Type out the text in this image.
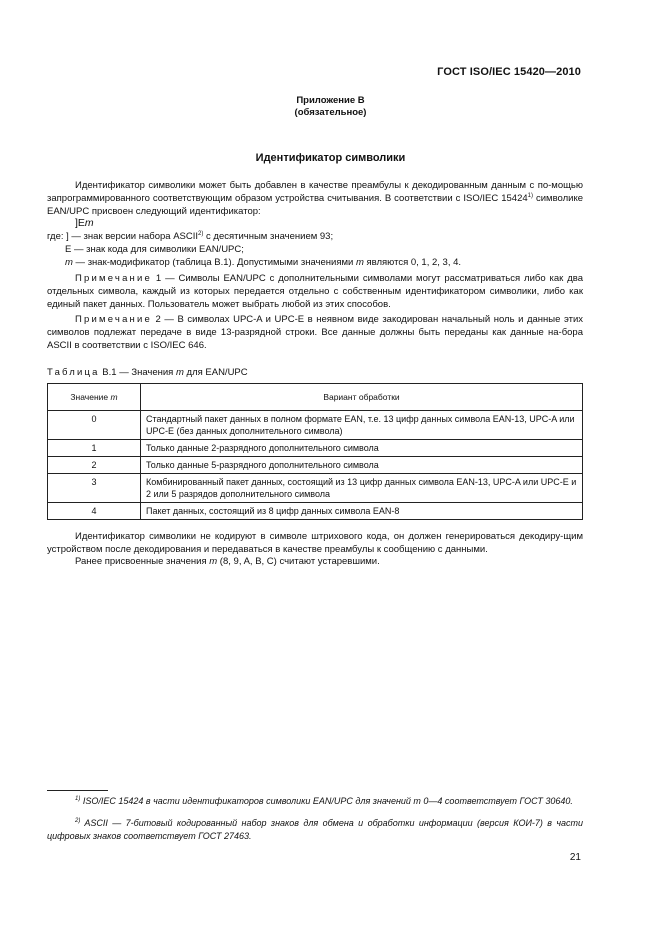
ГОСТ ISO/IEC 15420—2010
Приложение В
(обязательное)
Идентификатор символики
Идентификатор символики может быть добавлен в качестве преамбулы к декодированным данным с по-мощью запрограммированного соответствующим образом устройства считывания. В соответствии с ISO/IEC 15424$^{1)}$ символике EAN/UPC присвоен следующий идентификатор:
]Em
где: ] — знак версии набора ASCII$^{2)}$ с десятичным значением 93;
E — знак кода для символики EAN/UPC;
m — знак-модификатор (таблица В.1). Допустимыми значениями m являются 0, 1, 2, 3, 4.
Примечание 1 — Символы EAN/UPC с дополнительными символами могут рассматриваться либо как два отдельных символа, каждый из которых передается отдельно с собственным идентификатором символики, либо как единый пакет данных. Пользователь может выбрать любой из этих способов.
Примечание 2 — В символах UPC-A и UPC-E в неявном виде закодирован начальный ноль и данные этих символов подлежат передаче в виде 13-разрядной строки. Все данные должны быть переданы как данные на-бора ASCII в соответствии с ISO/IEC 646.
Таблица В.1 — Значения m для EAN/UPC
Значение m	Вариант обработки
0	Стандартный пакет данных в полном формате EAN, т.е. 13 цифр данных символа EAN-13, UPC-A или UPC-E (без данных дополнительного символа)
1	Только данные 2-разрядного дополнительного символа
2	Только данные 5-разрядного дополнительного символа
3	Комбинированный пакет данных, состоящий из 13 цифр данных символа EAN-13, UPC-A или UPC-E и 2 или 5 разрядов дополнительного символа
4	Пакет данных, состоящий из 8 цифр данных символа EAN-8
Идентификатор символики не кодируют в символе штрихового кода, он должен генерироваться декодиру-щим устройством после декодирования и передаваться в качестве преамбулы к сообщению с данными.
Ранее присвоенные значения m (8, 9, A, B, C) считают устаревшими.
$^{1)}$ ISO/IEC 15424 в части идентификаторов символики EAN/UPC для значений m 0—4 соответствует ГОСТ 30640.
$^{2)}$ ASCII — 7-битовый кодированный набор знаков для обмена и обработки информации (версия КОИ-7) в части цифровых знаков соответствует ГОСТ 27463.
21
